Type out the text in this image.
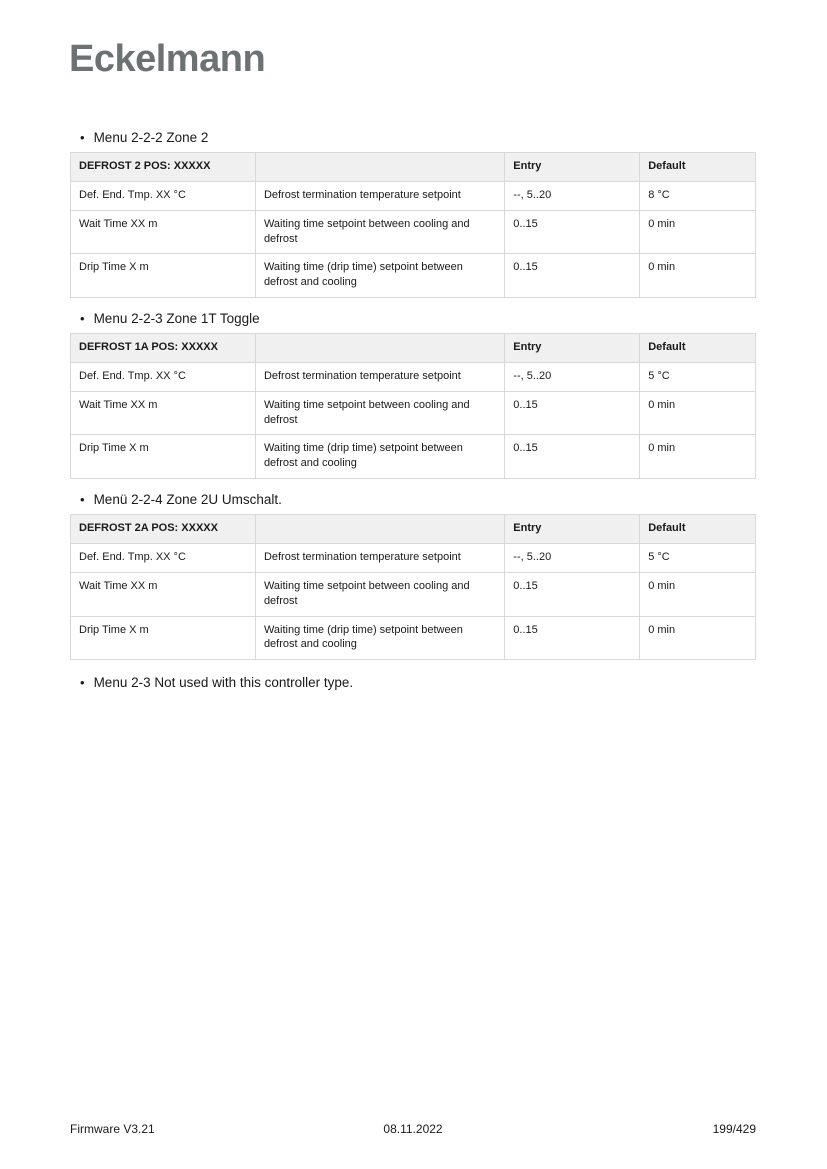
Eckelmann
• Menu 2-2-2 Zone 2
DEFROST 2 POS: XXXXX		Entry	Default
Def. End. Tmp. XX °C	Defrost termination temperature setpoint	--, 5..20	8 °C
Wait Time XX m	Waiting time setpoint between cooling and defrost	0..15	0 min
Drip Time X m	Waiting time (drip time) setpoint between defrost and cooling	0..15	0 min
• Menu 2-2-3 Zone 1T Toggle
DEFROST 1A POS: XXXXX		Entry	Default
Def. End. Tmp. XX °C	Defrost termination temperature setpoint	--, 5..20	5 °C
Wait Time XX m	Waiting time setpoint between cooling and defrost	0..15	0 min
Drip Time X m	Waiting time (drip time) setpoint between defrost and cooling	0..15	0 min
• Menü 2-2-4 Zone 2U Umschalt.
DEFROST 2A POS: XXXXX		Entry	Default
Def. End. Tmp. XX °C	Defrost termination temperature setpoint	--, 5..20	5 °C
Wait Time XX m	Waiting time setpoint between cooling and defrost	0..15	0 min
Drip Time X m	Waiting time (drip time) setpoint between defrost and cooling	0..15	0 min
• Menu 2-3 Not used with this controller type.
Firmware V3.21	08.11.2022	199/429
